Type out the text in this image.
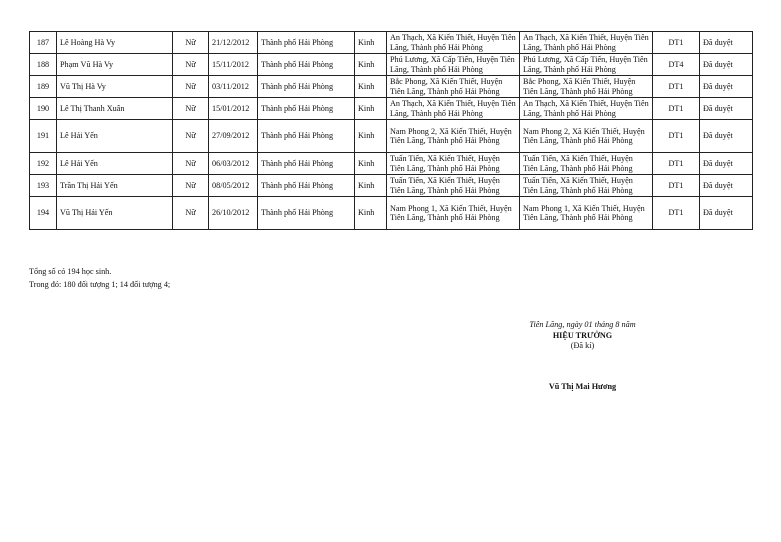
187	Lê Hoàng Hà Vy	Nữ	21/12/2012	Thành phố Hải Phòng	Kinh	An Thạch, Xã Kiến Thiết, Huyện Tiên Lãng, Thành phố Hải Phòng	An Thạch, Xã Kiến Thiết, Huyện Tiên Lãng, Thành phố Hải Phòng	DT1	Đã duyệt
188	Phạm Vũ Hà Vy	Nữ	15/11/2012	Thành phố Hải Phòng	Kinh	Phú Lương, Xã Cấp Tiến, Huyện Tiên Lãng, Thành phố Hải Phòng	Phú Lương, Xã Cấp Tiến, Huyện Tiên Lãng, Thành phố Hải Phòng	DT4	Đã duyệt
189	Vũ Thị Hà Vy	Nữ	03/11/2012	Thành phố Hải Phòng	Kinh	Bắc Phong, Xã Kiến Thiết, Huyện Tiên Lãng, Thành phố Hải Phòng	Bắc Phong, Xã Kiến Thiết, Huyện Tiên Lãng, Thành phố Hải Phòng	DT1	Đã duyệt
190	Lê Thị Thanh Xuân	Nữ	15/01/2012	Thành phố Hải Phòng	Kinh	An Thạch, Xã Kiến Thiết, Huyện Tiên Lãng, Thành phố Hải Phòng	An Thạch, Xã Kiến Thiết, Huyện Tiên Lãng, Thành phố Hải Phòng	DT1	Đã duyệt
191	Lê Hải Yến	Nữ	27/09/2012	Thành phố Hải Phòng	Kinh	Nam Phong 2, Xã Kiến Thiết, Huyện Tiên Lãng, Thành phố Hải Phòng	Nam Phong 2, Xã Kiến Thiết, Huyện Tiên Lãng, Thành phố Hải Phòng	DT1	Đã duyệt
192	Lê Hải Yến	Nữ	06/03/2012	Thành phố Hải Phòng	Kinh	Tuấn Tiến, Xã Kiến Thiết, Huyện Tiên Lãng, Thành phố Hải Phòng	Tuấn Tiến, Xã Kiến Thiết, Huyện Tiên Lãng, Thành phố Hải Phòng	DT1	Đã duyệt
193	Trần Thị Hải Yến	Nữ	08/05/2012	Thành phố Hải Phòng	Kinh	Tuấn Tiến, Xã Kiến Thiết, Huyện Tiên Lãng, Thành phố Hải Phòng	Tuấn Tiến, Xã Kiến Thiết, Huyện Tiên Lãng, Thành phố Hải Phòng	DT1	Đã duyệt
194	Vũ Thị Hải Yến	Nữ	26/10/2012	Thành phố Hải Phòng	Kinh	Nam Phong 1, Xã Kiến Thiết, Huyện Tiên Lãng, Thành phố Hải Phòng	Nam Phong 1, Xã Kiến Thiết, Huyện Tiên Lãng, Thành phố Hải Phòng	DT1	Đã duyệt
Tổng số có 194 học sinh.
Trong đó: 180 đối tượng 1; 14 đối tượng 4;
Tiên Lãng, ngày 01 tháng 8 năm
HIỆU TRƯỞNG
(Đã kí)
Vũ Thị Mai Hương
